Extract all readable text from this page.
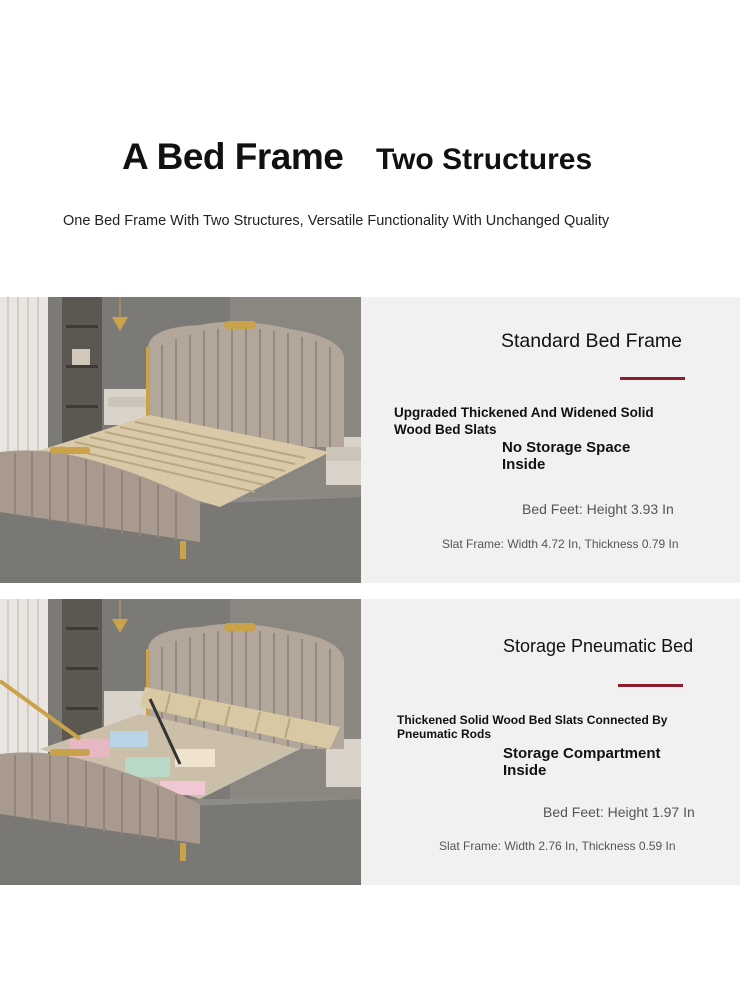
A Bed Frame Two Structures
One Bed Frame With Two Structures, Versatile Functionality With Unchanged Quality
Standard Bed Frame
Upgraded Thickened And Widened Solid
Wood Bed Slats
No Storage Space
Inside
Bed Feet: Height 3.93 In
Slat Frame: Width 4.72 In, Thickness 0.79 In
Storage Pneumatic Bed
Thickened Solid Wood Bed Slats Connected By
Pneumatic Rods
Storage Compartment
Inside
Bed Feet: Height 1.97 In
Slat Frame: Width 2.76 In, Thickness 0.59 In
